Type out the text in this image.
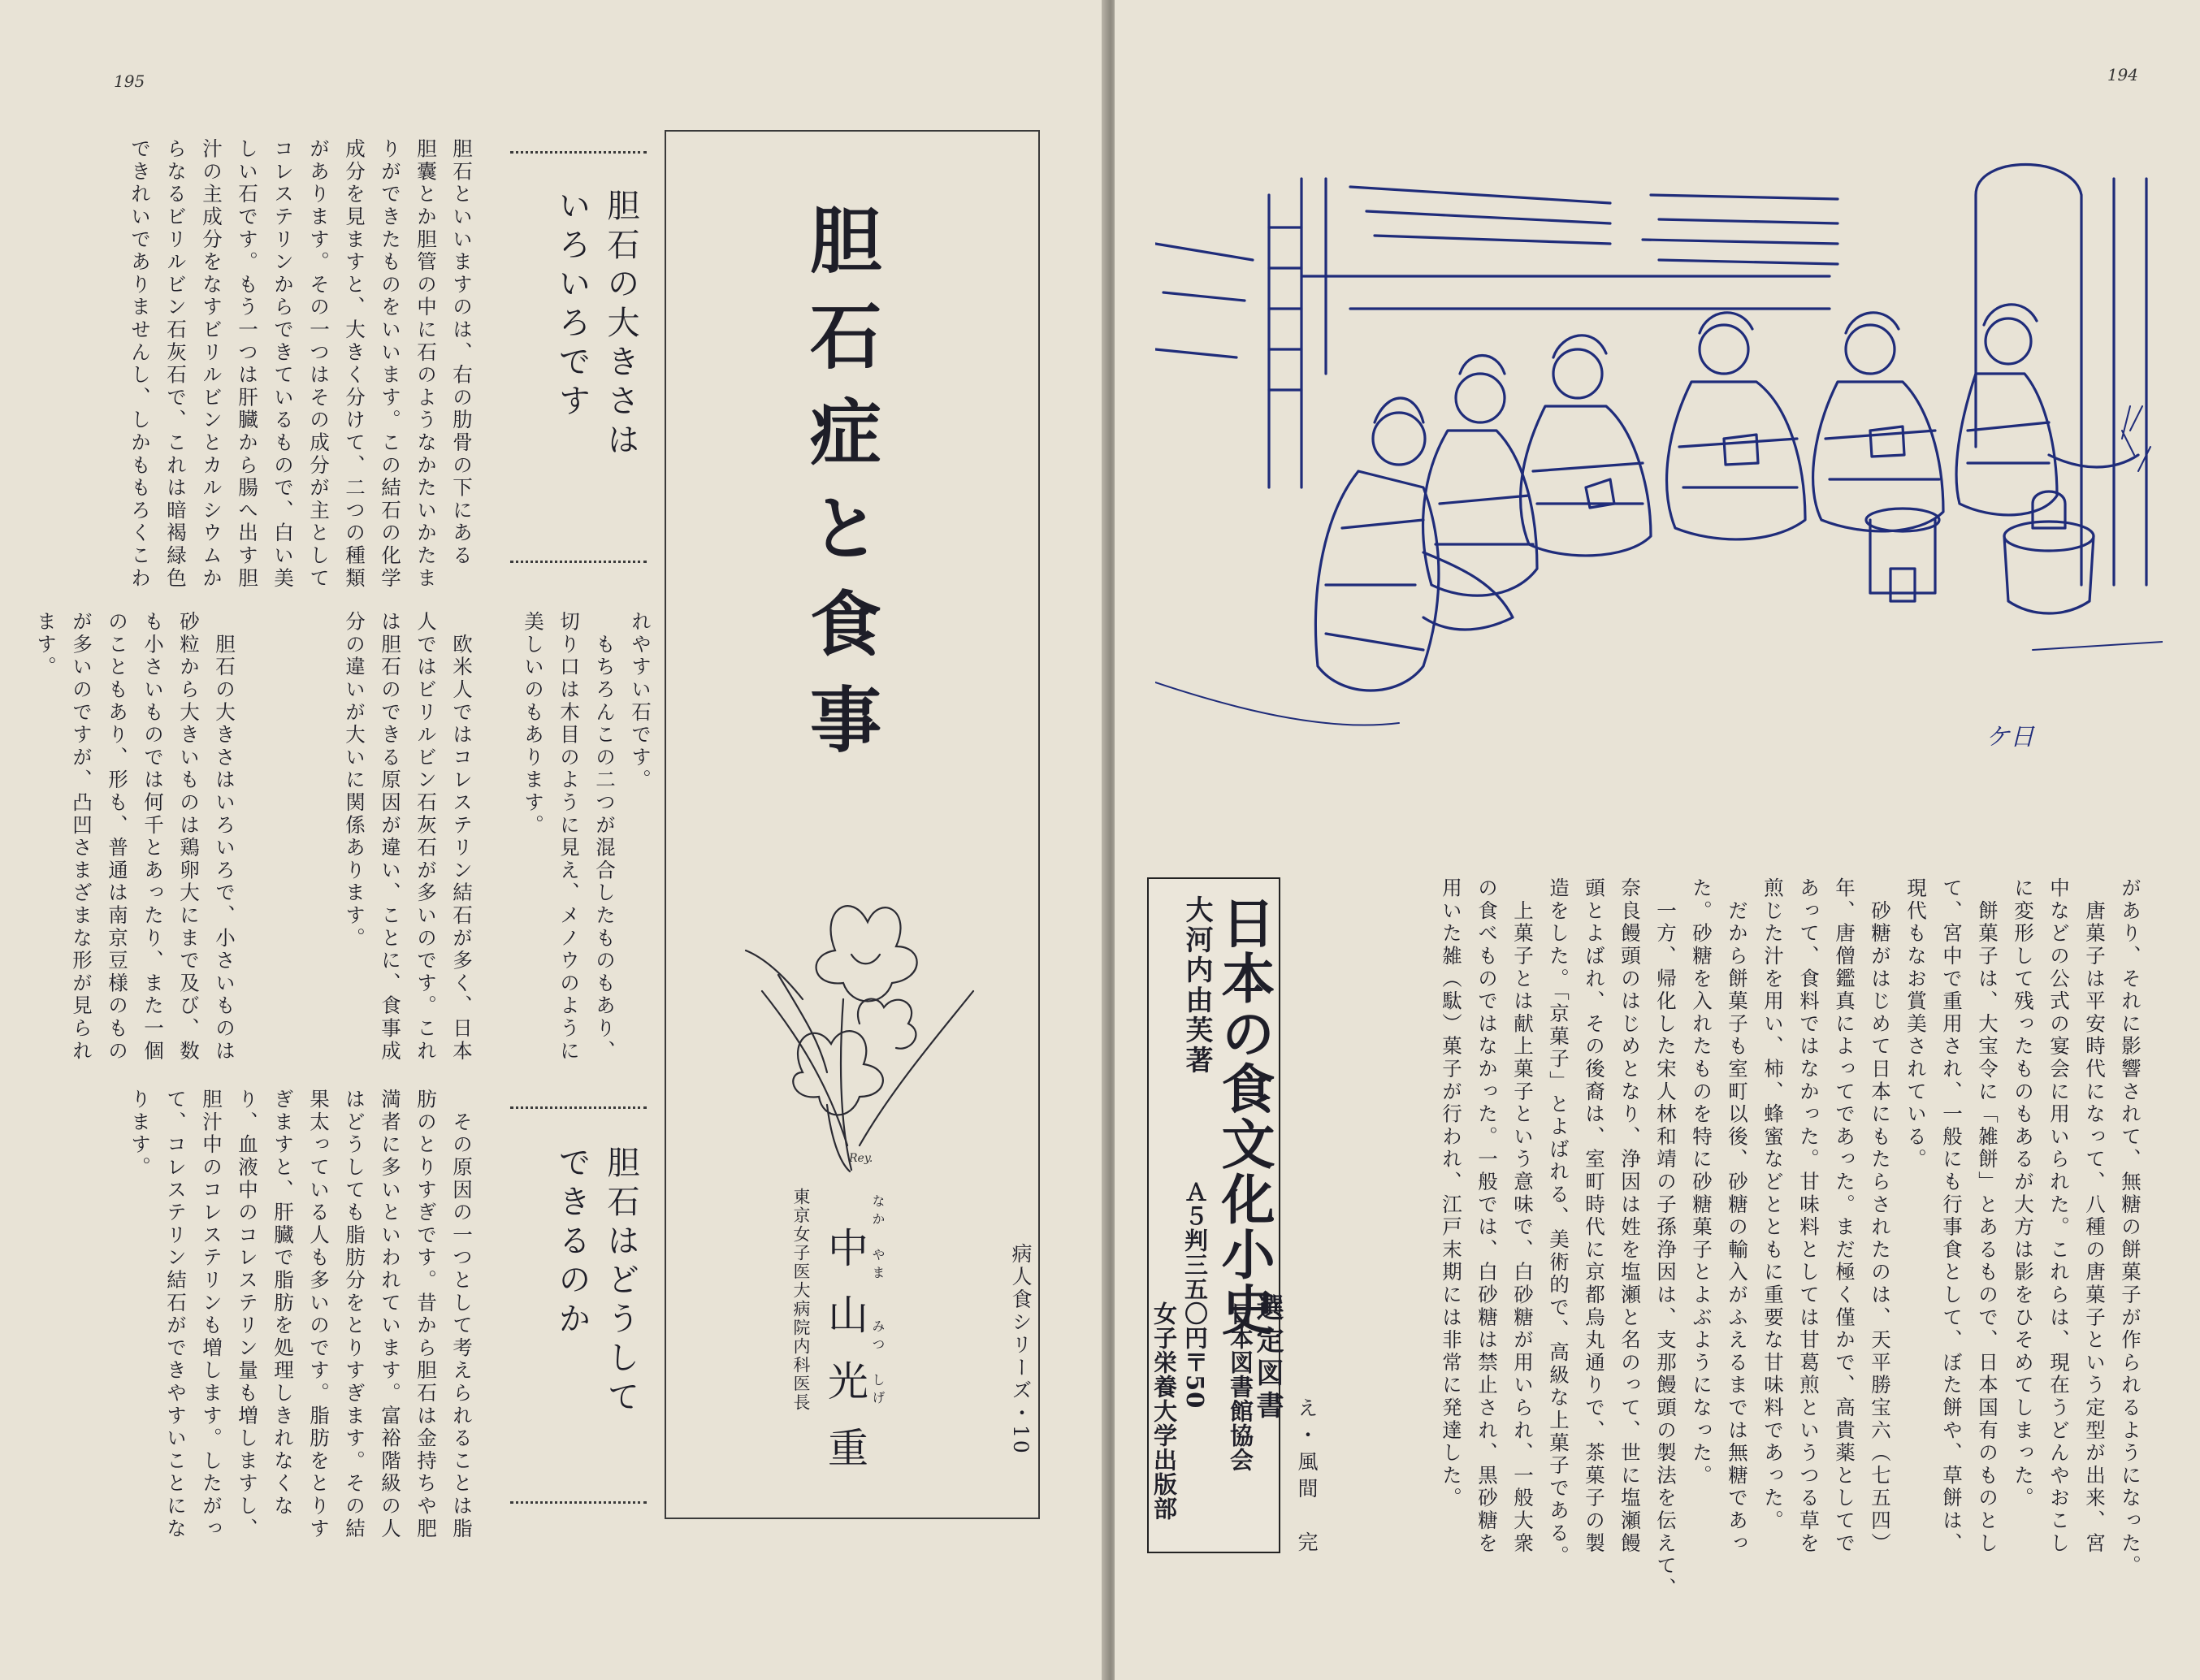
195
胆石といいますのは、右の肋骨の下にある
胆囊とか胆管の中に石のようなかたいかたま
りができたものをいいます。この結石の化学
成分を見ますと、大きく分けて、二つの種類
があります。その一つはその成分が主として
コレステリンからできているもので、白い美
しい石です。もう一つは肝臓から腸へ出す胆
汁の主成分をなすビリルビンとカルシウムか
らなるビリルビン石灰石で、これは暗褐緑色
できれいでありませんし、しかももろくこわ	胆石の大きさは
いろいろです
れやすい石です。
　もちろんこの二つが混合したものもあり、
切り口は木目のように見え、メノウのように
美しいのもあります。
　欧米人ではコレステリン結石が多く、日本
人ではビリルビン石灰石が多いのです。これ
は胆石のできる原因が違い、ことに、食事成
分の違いが大いに関係あります。
　胆石の大きさはいろいろで、小さいものは
砂粒から大きいものは鶏卵大にまで及び、数
も小さいものでは何千とあったり、また一個
のこともあり、形も、普通は南京豆様のもの
が多いのですが、凸凹さまざまな形が見られ
ます。
胆石はどうして
できるのか
　その原因の一つとして考えられることは脂
肪のとりすぎです。昔から胆石は金持ちや肥
満者に多いといわれています。富裕階級の人
はどうしても脂肪分をとりすぎます。その結
果太っている人も多いのです。脂肪をとりす
ぎますと、肝臓で脂肪を処理しきれなくな
り、血液中のコレステリン量も増しますし、
胆汁中のコレステリンも増します。したがっ
て、コレステリン結石ができやすいことにな
ります。
胆石症と食事
Rey.
なか　やま　　みつ　しげ
中山光重
東京女子医大病院内科医長	病人食シリーズ・10
194
ケ日
があり、それに影響されて、無糖の餅菓子が作られるようになった。
　唐菓子は平安時代になって、八種の唐菓子という定型が出来、宮
中などの公式の宴会に用いられた。これらは、現在うどんやおこし
に変形して残ったものもあるが大方は影をひそめてしまった。
　餅菓子は、大宝令に「雑餅」とあるもので、日本国有のものとし
て、宮中で重用され、一般にも行事食として、ぼた餅や、草餅は、
現代もなお賞美されている。
　砂糖がはじめて日本にもたらされたのは、天平勝宝六（七五四）
年、唐僧鑑真によってであった。まだ極く僅かで、高貴薬としてで
あって、食料ではなかった。甘味料としては甘葛煎というつる草を
煎じた汁を用い、柿、蜂蜜などとともに重要な甘味料であった。
　だから餅菓子も室町以後、砂糖の輸入がふえるまでは無糖であっ
た。砂糖を入れたものを特に砂糖菓子とよぶようになった。
　一方、帰化した宋人林和靖の子孫浄因は、支那饅頭の製法を伝えて、
奈良饅頭のはじめとなり、浄因は姓を塩瀬と名のって、世に塩瀬饅
頭とよばれ、その後裔は、室町時代に京都烏丸通りで、茶菓子の製
造をした。「京菓子」とよばれる、美術的で、高級な上菓子である。
　上菓子とは献上菓子という意味で、白砂糖が用いられ、一般大衆
の食べものではなかった。一般では、白砂糖は禁止され、黒砂糖を
用いた雑（駄）菓子が行われ、江戸末期には非常に発達した。
え・風間　完
日本の食文化小史
大河内由芙著
Ａ５判三五〇円〒50 日本図書館協会
選定図書
女子栄養大学出版部
